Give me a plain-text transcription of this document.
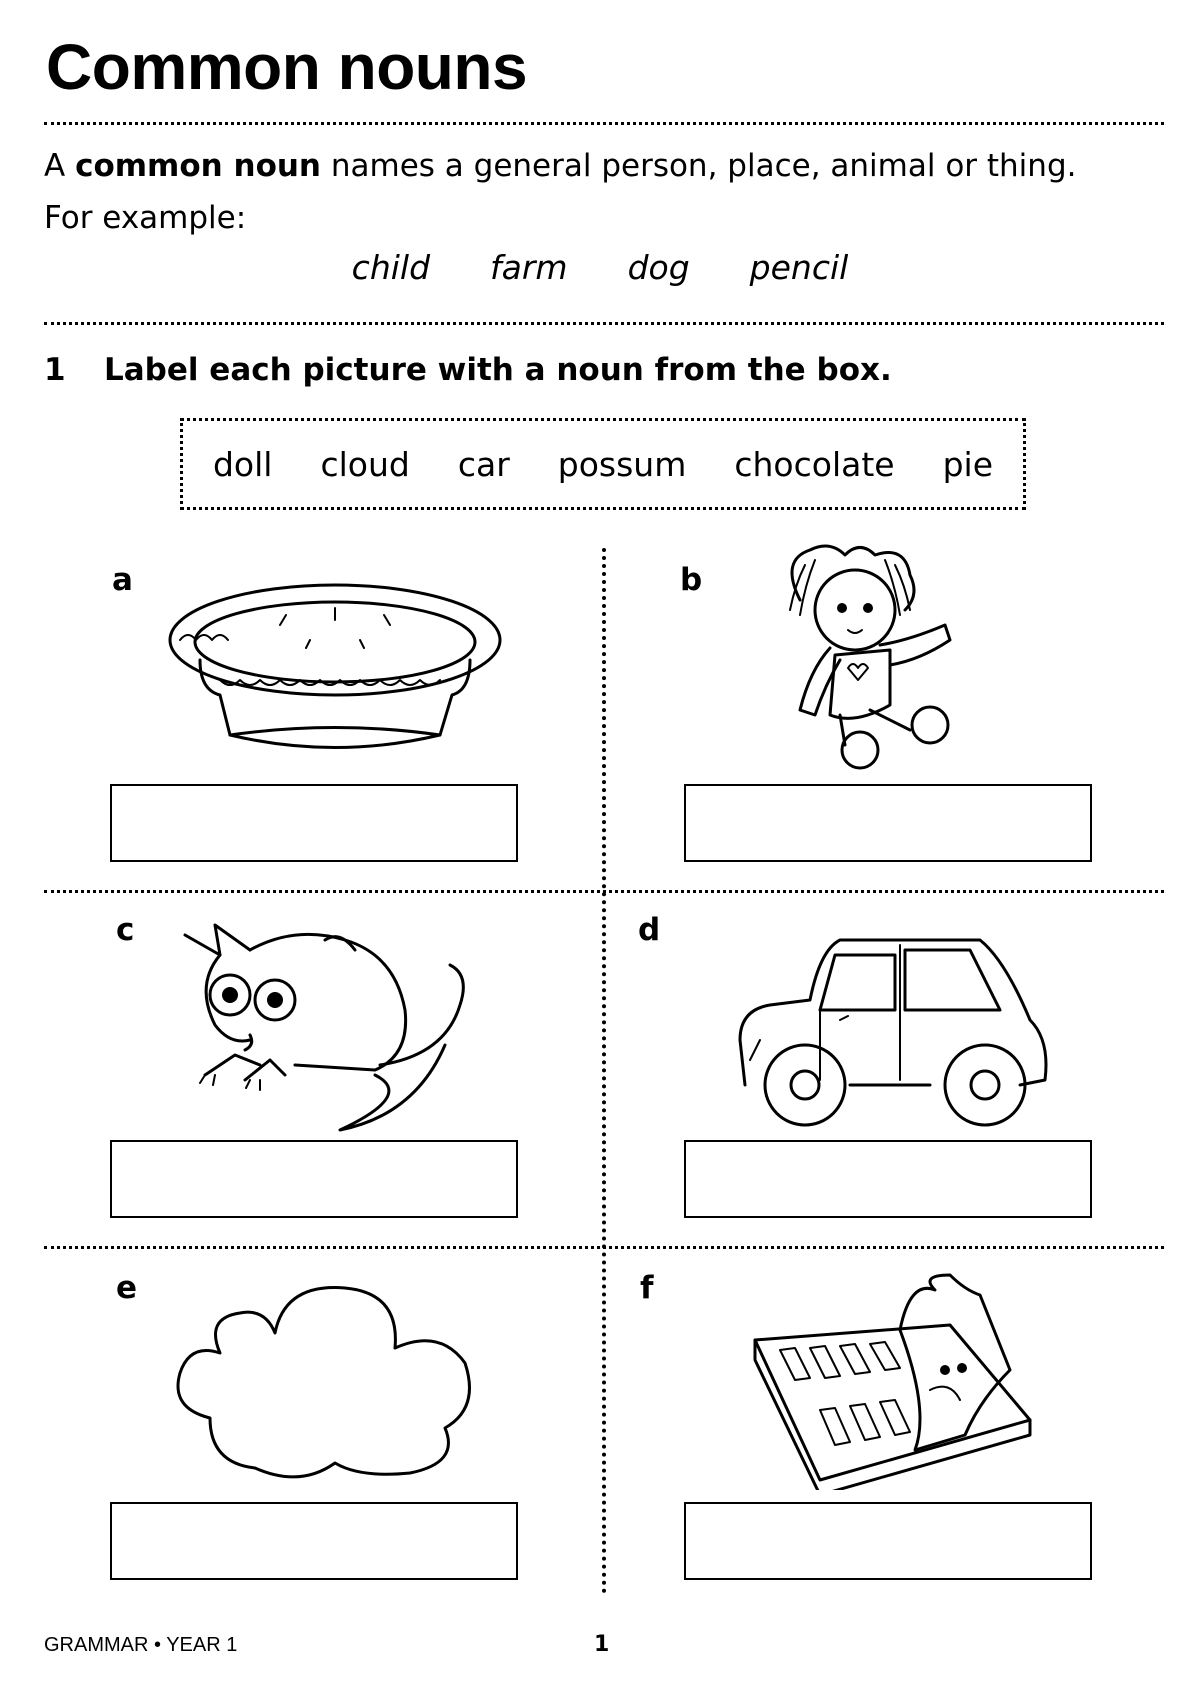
Common nouns
A common noun names a general person, place, animal or thing.
For example:
child farm dog pencil
1 Label each picture with a noun from the box.
doll cloud car possum chocolate pie
a	b
c	d
e	f
GRAMMAR • YEAR 1	1
